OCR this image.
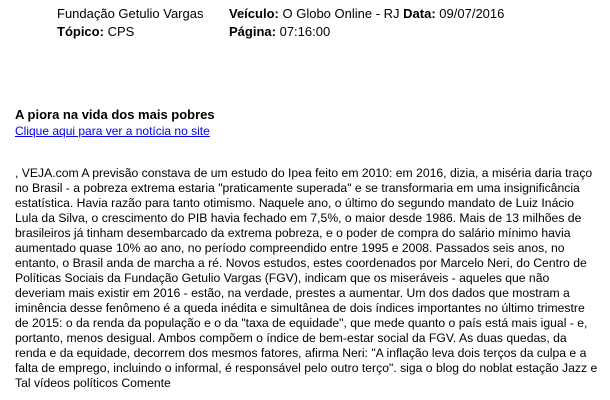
Fundação Getulio Vargas Veículo: O Globo Online - RJ Data: 09/07/2016
Tópico: CPS	Página: 07:16:00
A piora na vida dos mais pobres
Clique aqui para ver a notícia no site

, VEJA.com A previsão constava de um estudo do Ipea feito em 2010: em 2016, dizia, a miséria daria traço no Brasil - a pobreza extrema estaria "praticamente superada" e se transformaria em uma insignificância estatística. Havia razão para tanto otimismo. Naquele ano, o último do segundo mandato de Luiz Inácio Lula da Silva, o crescimento do PIB havia fechado em 7,5%, o maior desde 1986. Mais de 13 milhões de brasileiros já tinham desembarcado da extrema pobreza, e o poder de compra do salário mínimo havia aumentado quase 10% ao ano, no período compreendido entre 1995 e 2008. Passados seis anos, no entanto, o Brasil anda de marcha a ré. Novos estudos, estes coordenados por Marcelo Neri, do Centro de Políticas Sociais da Fundação Getulio Vargas (FGV), indicam que os miseráveis - aqueles que não deveriam mais existir em 2016 - estão, na verdade, prestes a aumentar. Um dos dados que mostram a iminência desse fenômeno é a queda inédita e simultânea de dois índices importantes no último trimestre de 2015: o da renda da população e o da "taxa de equidade", que mede quanto o país está mais igual - e, portanto, menos desigual. Ambos compõem o índice de bem-estar social da FGV. As duas quedas, da renda e da equidade, decorrem dos mesmos fatores, afirma Neri: "A inflação leva dois terços da culpa e a falta de emprego, incluindo o informal, é responsável pelo outro terço". siga o blog do noblat estação Jazz e Tal vídeos políticos Comente
